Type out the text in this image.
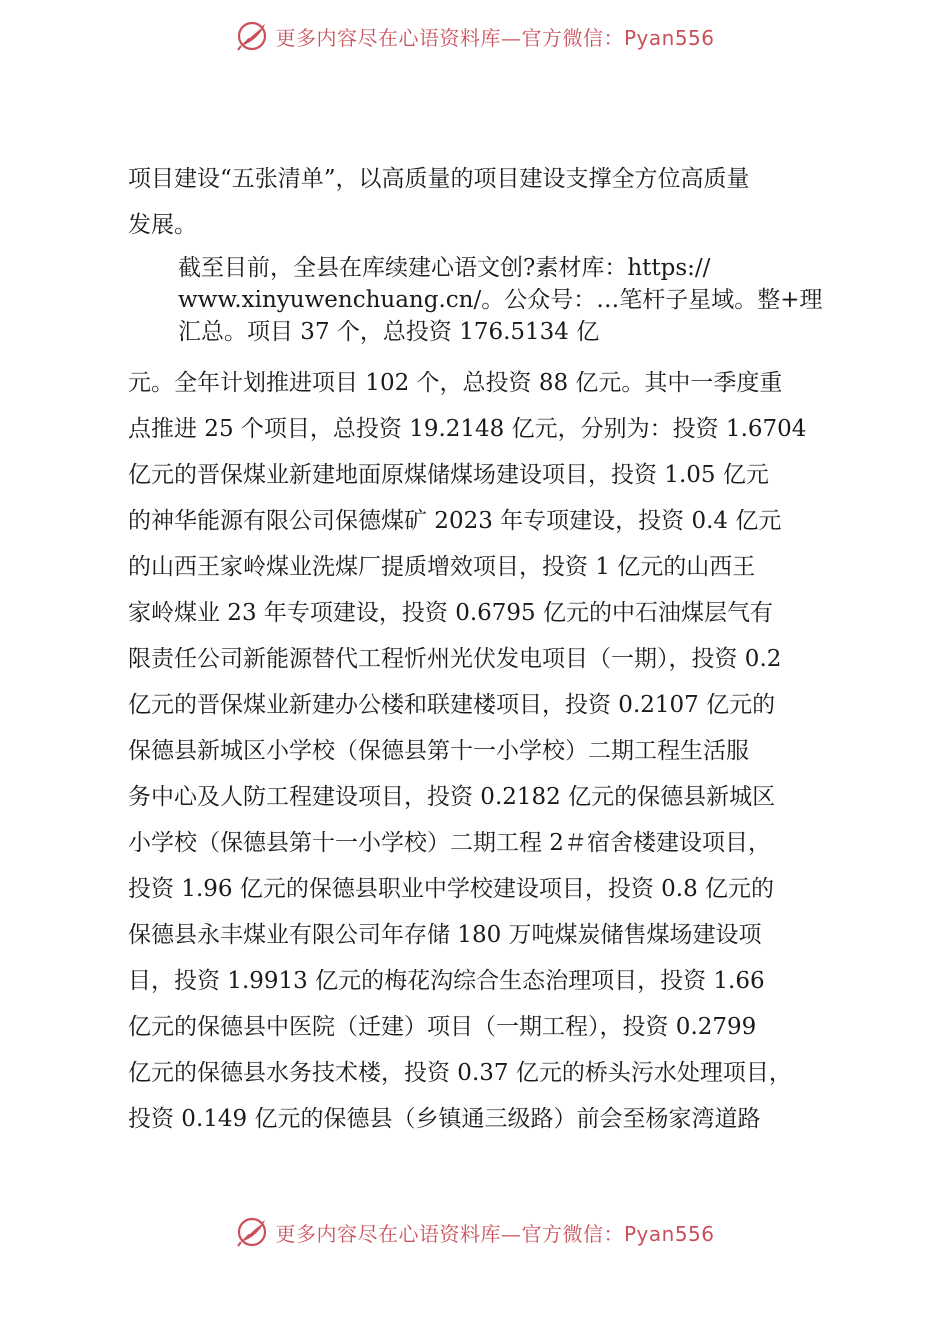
更多内容尽在心语资料库—官方微信：Pyan556
项目建设“五张清单”，以高质量的项目建设支撑全方位高质量
发展。
截至目前，全县在库续建心语文创?素材库：https://
www.xinyuwenchuang.cn/。公众号：…笔杆子星域。整+理
汇总。项目 37 个，总投资 176.5134 亿
元。全年计划推进项目 102 个，总投资 88 亿元。其中一季度重
点推进 25 个项目，总投资 19.2148 亿元，分别为：投资 1.6704
亿元的晋保煤业新建地面原煤储煤场建设项目，投资 1.05 亿元
的神华能源有限公司保德煤矿 2023 年专项建设，投资 0.4 亿元
的山西王家岭煤业洗煤厂提质增效项目，投资 1 亿元的山西王
家岭煤业 23 年专项建设，投资 0.6795 亿元的中石油煤层气有
限责任公司新能源替代工程忻州光伏发电项目（一期），投资 0.2
亿元的晋保煤业新建办公楼和联建楼项目，投资 0.2107 亿元的
保德县新城区小学校（保德县第十一小学校）二期工程生活服
务中心及人防工程建设项目，投资 0.2182 亿元的保德县新城区
小学校（保德县第十一小学校）二期工程 2＃宿舍楼建设项目，
投资 1.96 亿元的保德县职业中学校建设项目，投资 0.8 亿元的
保德县永丰煤业有限公司年存储 180 万吨煤炭储售煤场建设项
目，投资 1.9913 亿元的梅花沟综合生态治理项目，投资 1.66
亿元的保德县中医院（迁建）项目（一期工程），投资 0.2799
亿元的保德县水务技术楼，投资 0.37 亿元的桥头污水处理项目，
投资 0.149 亿元的保德县（乡镇通三级路）前会至杨家湾道路
更多内容尽在心语资料库—官方微信：Pyan556
